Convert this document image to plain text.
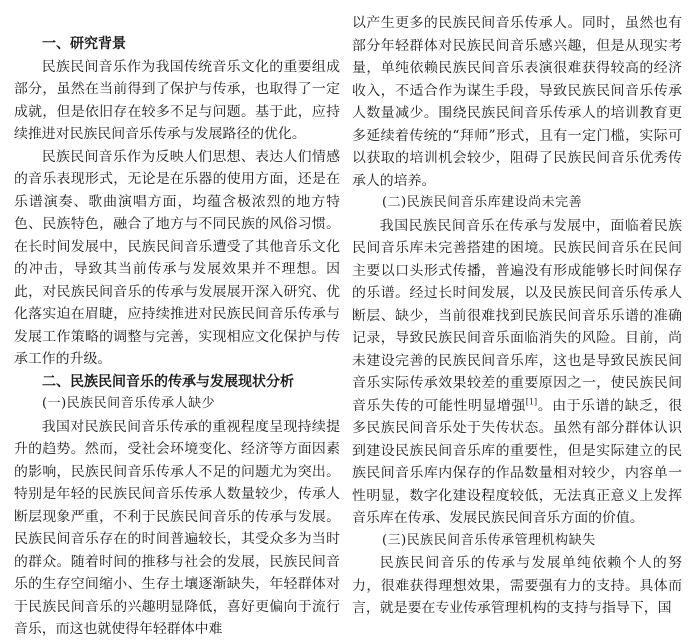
一、研究背景

民族民间音乐作为我国传统音乐文化的重要组成部分，虽然在当前得到了保护与传承，也取得了一定成就，但是依旧存在较多不足与问题。基于此，应持续推进对民族民间音乐传承与发展路径的优化。

民族民间音乐作为反映人们思想、表达人们情感的音乐表现形式，无论是在乐器的使用方面，还是在乐谱演奏、歌曲演唱方面，均蕴含极浓烈的地方特色、民族特色，融合了地方与不同民族的风俗习惯。在长时间发展中，民族民间音乐遭受了其他音乐文化的冲击，导致其当前传承与发展效果并不理想。因此，对民族民间音乐的传承与发展展开深入研究、优化落实迫在眉睫，应持续推进对民族民间音乐传承与发展工作策略的调整与完善，实现相应文化保护与传承工作的升级。

二、民族民间音乐的传承与发展现状分析
(一)民族民间音乐传承人缺少

我国对民族民间音乐传承的重视程度呈现持续提升的趋势。然而，受社会环境变化、经济等方面因素的影响，民族民间音乐传承人不足的问题尤为突出。特别是年轻的民族民间音乐传承人数量较少，传承人断层现象严重，不利于民族民间音乐的传承与发展。民族民间音乐存在的时间普遍较长，其受众多为当时的群众。随着时间的推移与社会的发展，民族民间音乐的生存空间缩小、生存土壤逐渐缺失，年轻群体对于民族民间音乐的兴趣明显降低，喜好更偏向于流行音乐，而这也就使得年轻群体中难

以产生更多的民族民间音乐传承人。同时，虽然也有部分年轻群体对民族民间音乐感兴趣，但是从现实考量，单纯依赖民族民间音乐表演很难获得较高的经济收入，不适合作为谋生手段，导致民族民间音乐传承人数量减少。围绕民族民间音乐传承人的培训教育更多延续着传统的“拜师”形式，且有一定门槛，实际可以获取的培训机会较少，阻碍了民族民间音乐优秀传承人的培养。

(二)民族民间音乐库建设尚未完善

我国民族民间音乐在传承与发展中，面临着民族民间音乐库未完善搭建的困境。民族民间音乐在民间主要以口头形式传播，普遍没有形成能够长时间保存的乐谱。经过长时间发展，以及民族民间音乐传承人断层、缺少，当前很难找到民族民间音乐乐谱的准确记录，导致民族民间音乐面临消失的风险。目前，尚未建设完善的民族民间音乐库，这也是导致民族民间音乐实际传承效果较差的重要原因之一，使民族民间音乐失传的可能性明显增强[1]。由于乐谱的缺乏，很多民族民间音乐处于失传状态。虽然有部分群体认识到建设民族民间音乐库的重要性，但是实际建立的民族民间音乐库内保存的作品数量相对较少，内容单一性明显，数字化建设程度较低，无法真正意义上发挥音乐库在传承、发展民族民间音乐方面的价值。

(三)民族民间音乐传承管理机构缺失

民族民间音乐的传承与发展单纯依赖个人的努力，很难获得理想效果，需要强有力的支持。具体而言，就是要在专业传承管理机构的支持与指导下，国
